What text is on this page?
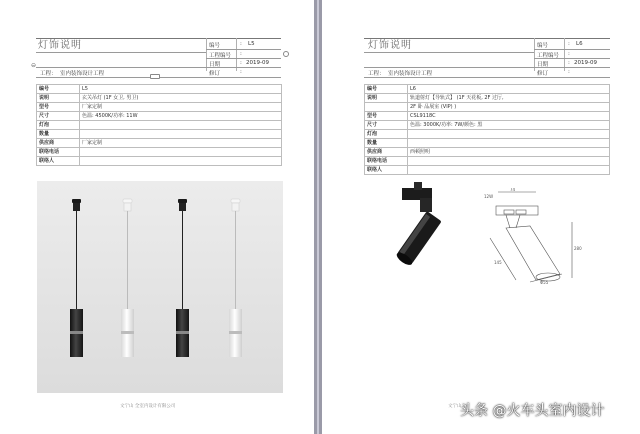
灯饰说明	编号	: L5
工程编号 :
日期	: 2019-09
工程： 室内装饰设计工程	修订	:
⊖
编号	L5
说明	玄关吊灯 (1F 女卫, 男卫)
型号	厂家定制
尺寸	色温: 4500K/功率: 11W
灯泡	
数量	
供应商	厂家定制
联络电话	
联络人	
文宁山 全室内设计有限公司
灯饰说明	编号	: L6
工程编号 :
日期	: 2019-09
工程： 室内装饰设计工程	修订	:
编号	L6
说明	轨道射灯【导轨式】 (1F 天花板, 2F 过厅,
	2F 卧 品展室 (VIP) )
型号	CSL9118C
尺寸	色温: 3000K/功率: 7W/颜色: 黑
灯泡	
数量	
供应商	西顿照明
联络电话	
联络人	
74
12W
280
145
Φ55
文宁山
头条 @火车头室内设计
